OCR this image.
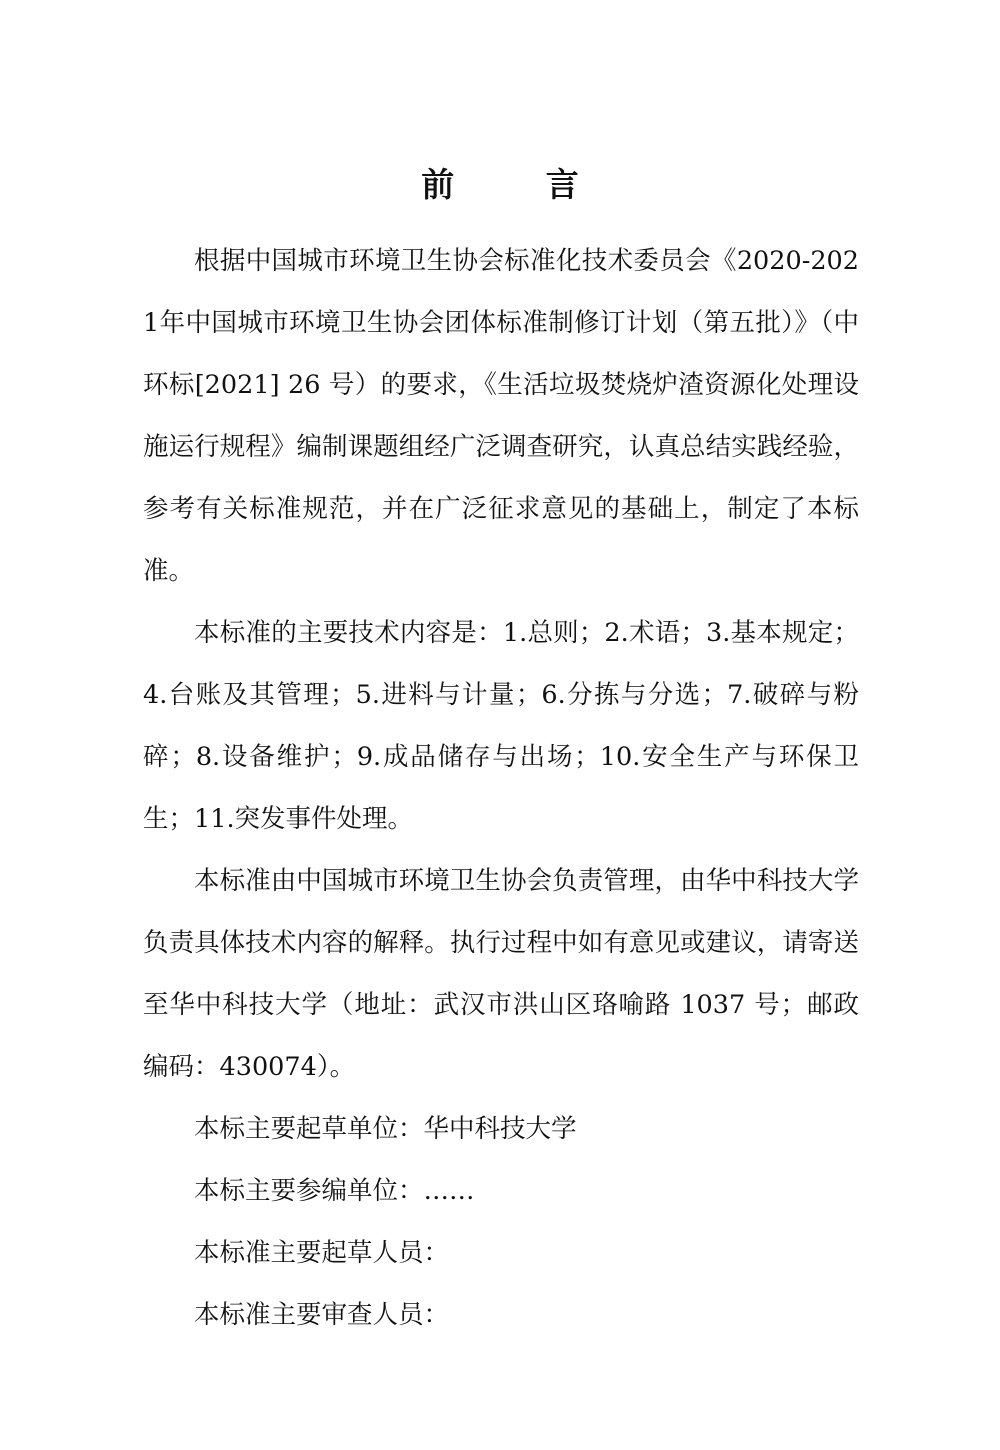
前 言

根据中国城市环境卫生协会标准化技术委员会《2020-2021年中国城市环境卫生协会团体标准制修订计划（第五批）》（中环标[2021] 26 号）的要求，《生活垃圾焚烧炉渣资源化处理设施运行规程》编制课题组经广泛调查研究，认真总结实践经验，参考有关标准规范，并在广泛征求意见的基础上，制定了本标准。

本标准的主要技术内容是：1.总则；2.术语；3.基本规定；4.台账及其管理；5.进料与计量；6.分拣与分选；7.破碎与粉碎；8.设备维护；9.成品储存与出场；10.安全生产与环保卫生；11.突发事件处理。

本标准由中国城市环境卫生协会负责管理，由华中科技大学负责具体技术内容的解释。执行过程中如有意见或建议，请寄送至华中科技大学（地址：武汉市洪山区珞喻路 1037 号；邮政编码：430074）。

本标主要起草单位：华中科技大学

本标主要参编单位：……

本标准主要起草人员：

本标准主要审查人员：
